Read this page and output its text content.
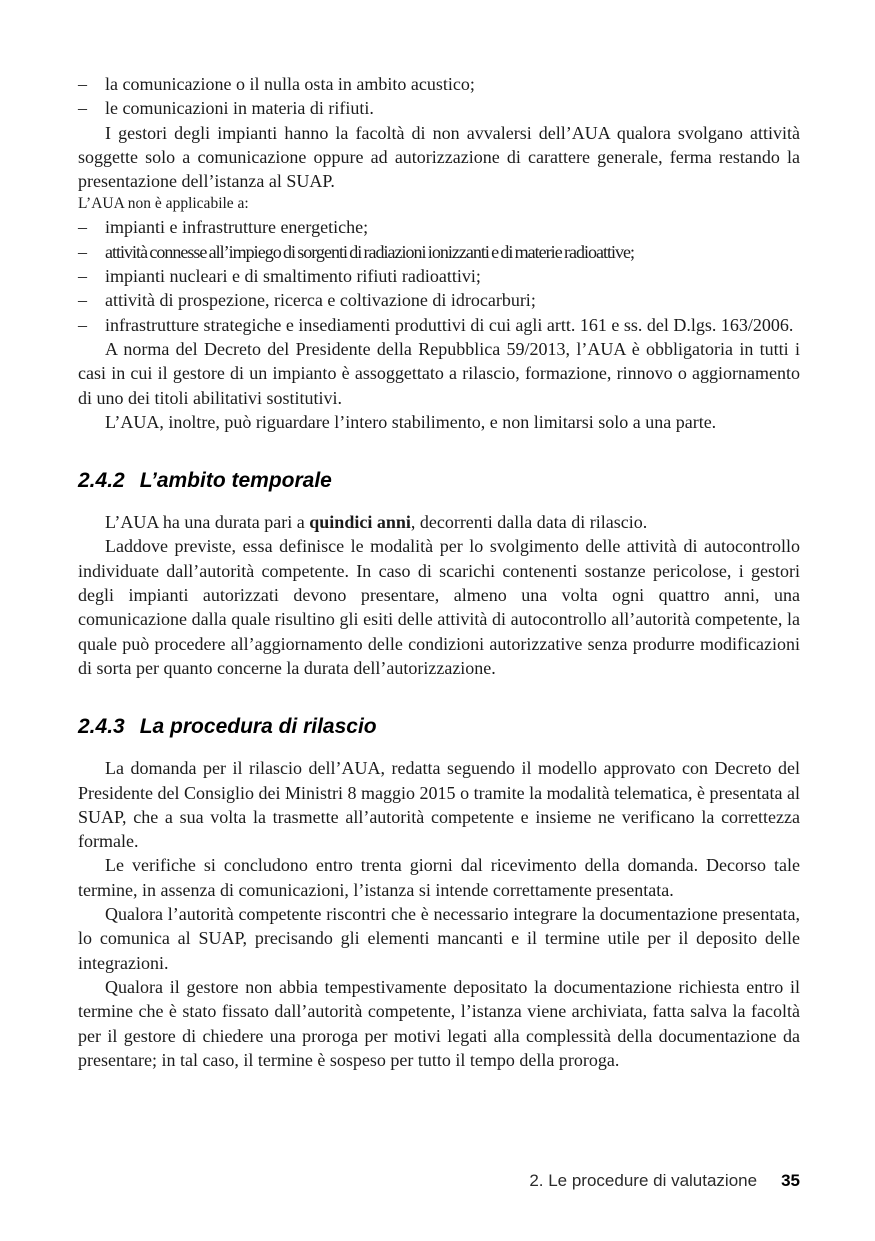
–	la comunicazione o il nulla osta in ambito acustico;
–	le comunicazioni in materia di rifiuti.

I gestori degli impianti hanno la facoltà di non avvalersi dell’AUA qualora svolgano attività soggette solo a comunicazione oppure ad autorizzazione di carattere generale, ferma restando la presentazione dell’istanza al SUAP.

L’AUA non è applicabile a:

–	impianti e infrastrutture energetiche;
–	attività connesse all’impiego di sorgenti di radiazioni ionizzanti e di materie radioattive;
–	impianti nucleari e di smaltimento rifiuti radioattivi;
–	attività di prospezione, ricerca e coltivazione di idrocarburi;
–	infrastrutture strategiche e insediamenti produttivi di cui agli artt. 161 e ss. del D.lgs. 163/2006.

A norma del Decreto del Presidente della Repubblica 59/2013, l’AUA è obbligatoria in tutti i casi in cui il gestore di un impianto è assoggettato a rilascio, formazione, rinnovo o aggiornamento di uno dei titoli abilitativi sostitutivi.

L’AUA, inoltre, può riguardare l’intero stabilimento, e non limitarsi solo a una parte.

2.4.2 L’ambito temporale

L’AUA ha una durata pari a quindici anni, decorrenti dalla data di rilascio.

Laddove previste, essa definisce le modalità per lo svolgimento delle attività di autocontrollo individuate dall’autorità competente. In caso di scarichi contenenti sostanze pericolose, i gestori degli impianti autorizzati devono presentare, almeno una volta ogni quattro anni, una comunicazione dalla quale risultino gli esiti delle attività di autocontrollo all’autorità competente, la quale può procedere all’aggiornamento delle condizioni autorizzative senza produrre modificazioni di sorta per quanto concerne la durata dell’autorizzazione.

2.4.3 La procedura di rilascio

La domanda per il rilascio dell’AUA, redatta seguendo il modello approvato con Decreto del Presidente del Consiglio dei Ministri 8 maggio 2015 o tramite la modalità telematica, è presentata al SUAP, che a sua volta la trasmette all’autorità competente e insieme ne verificano la correttezza formale.

Le verifiche si concludono entro trenta giorni dal ricevimento della domanda. Decorso tale termine, in assenza di comunicazioni, l’istanza si intende correttamente presentata.

Qualora l’autorità competente riscontri che è necessario integrare la documentazione presentata, lo comunica al SUAP, precisando gli elementi mancanti e il termine utile per il deposito delle integrazioni.

Qualora il gestore non abbia tempestivamente depositato la documentazione richiesta entro il termine che è stato fissato dall’autorità competente, l’istanza viene archiviata, fatta salva la facoltà per il gestore di chiedere una proroga per motivi legati alla complessità della documentazione da presentare; in tal caso, il termine è sospeso per tutto il tempo della proroga.

2. Le procedure di valutazione 35
